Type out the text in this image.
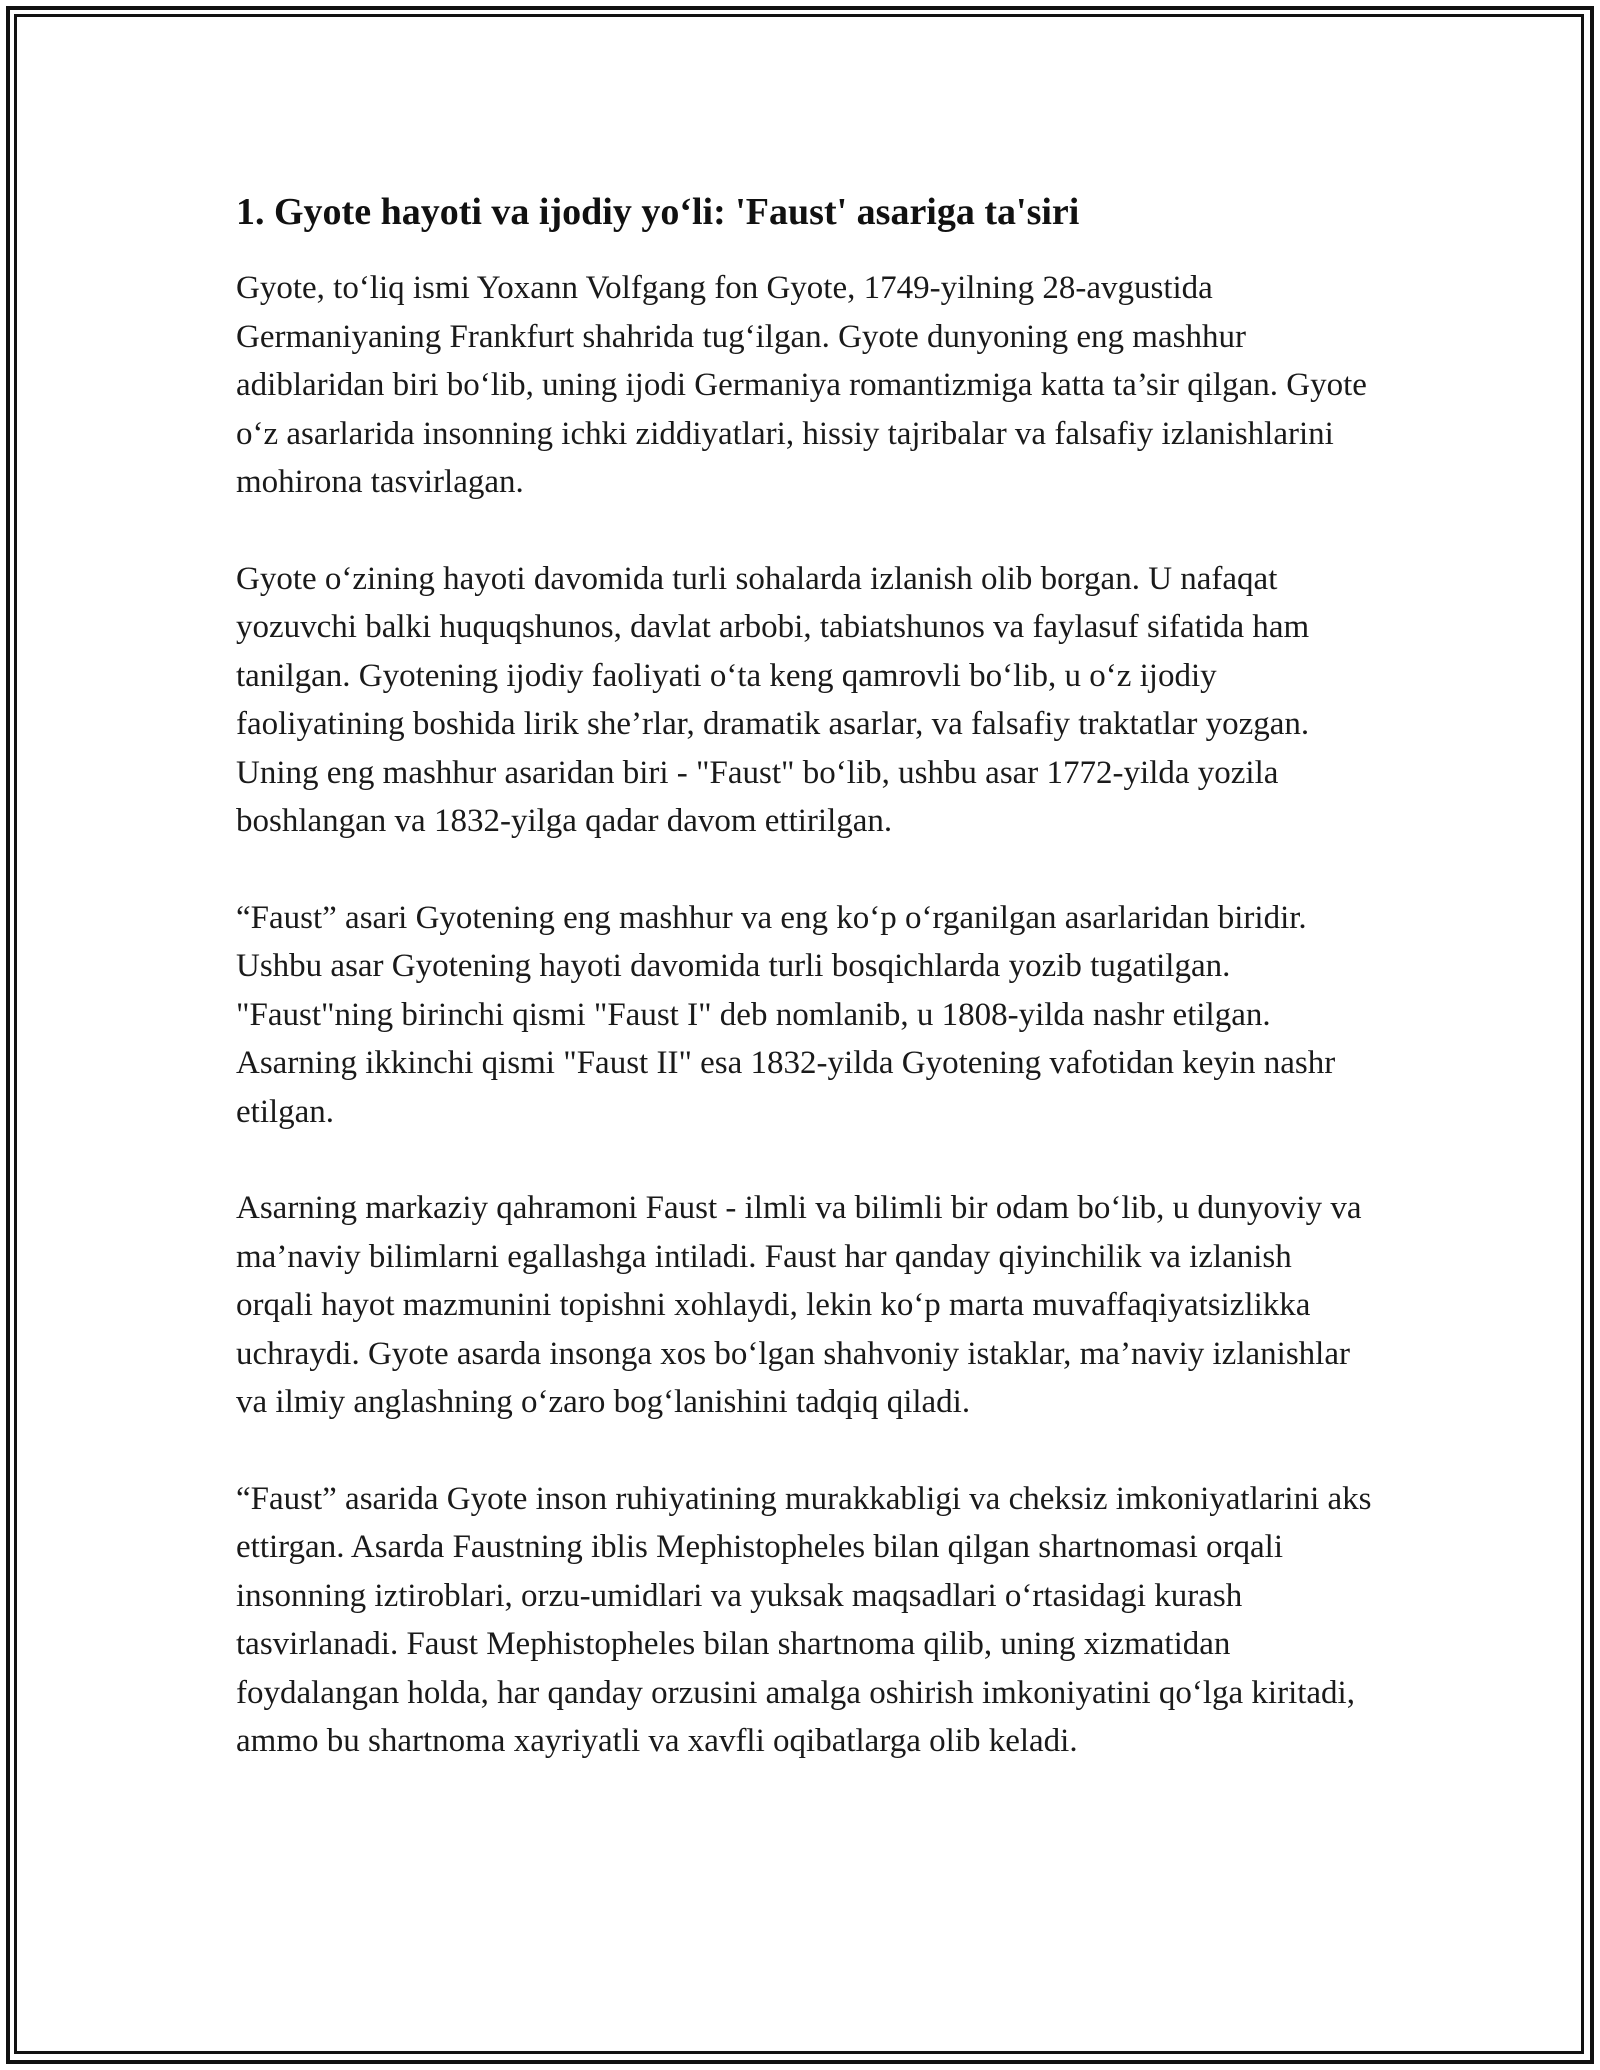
1. Gyote hayoti va ijodiy yo‘li: 'Faust' asariga ta'siri

Gyote, to‘liq ismi Yoxann Volfgang fon Gyote, 1749-yilning 28-avgustida Germaniyaning Frankfurt shahrida tug‘ilgan. Gyote dunyoning eng mashhur adiblaridan biri bo‘lib, uning ijodi Germaniya romantizmiga katta ta’sir qilgan. Gyote o‘z asarlarida insonning ichki ziddiyatlari, hissiy tajribalar va falsafiy izlanishlarini mohirona tasvirlagan.

Gyote o‘zining hayoti davomida turli sohalarda izlanish olib borgan. U nafaqat yozuvchi balki huquqshunos, davlat arbobi, tabiatshunos va faylasuf sifatida ham tanilgan. Gyotening ijodiy faoliyati o‘ta keng qamrovli bo‘lib, u o‘z ijodiy faoliyatining boshida lirik she’rlar, dramatik asarlar, va falsafiy traktatlar yozgan. Uning eng mashhur asaridan biri - "Faust" bo‘lib, ushbu asar 1772-yilda yozila boshlangan va 1832-yilga qadar davom ettirilgan.

“Faust” asari Gyotening eng mashhur va eng ko‘p o‘rganilgan asarlaridan biridir. Ushbu asar Gyotening hayoti davomida turli bosqichlarda yozib tugatilgan. "Faust"ning birinchi qismi "Faust I" deb nomlanib, u 1808-yilda nashr etilgan. Asarning ikkinchi qismi "Faust II" esa 1832-yilda Gyotening vafotidan keyin nashr etilgan.

Asarning markaziy qahramoni Faust - ilmli va bilimli bir odam bo‘lib, u dunyoviy va ma’naviy bilimlarni egallashga intiladi. Faust har qanday qiyinchilik va izlanish orqali hayot mazmunini topishni xohlaydi, lekin ko‘p marta muvaffaqiyatsizlikka uchraydi. Gyote asarda insonga xos bo‘lgan shahvoniy istaklar, ma’naviy izlanishlar va ilmiy anglashning o‘zaro bog‘lanishini tadqiq qiladi.

“Faust” asarida Gyote inson ruhiyatining murakkabligi va cheksiz imkoniyatlarini aks ettirgan. Asarda Faustning iblis Mephistopheles bilan qilgan shartnomasi orqali insonning iztiroblari, orzu-umidlari va yuksak maqsadlari o‘rtasidagi kurash tasvirlanadi. Faust Mephistopheles bilan shartnoma qilib, uning xizmatidan foydalangan holda, har qanday orzusini amalga oshirish imkoniyatini qo‘lga kiritadi, ammo bu shartnoma xayriyatli va xavfli oqibatlarga olib keladi.
